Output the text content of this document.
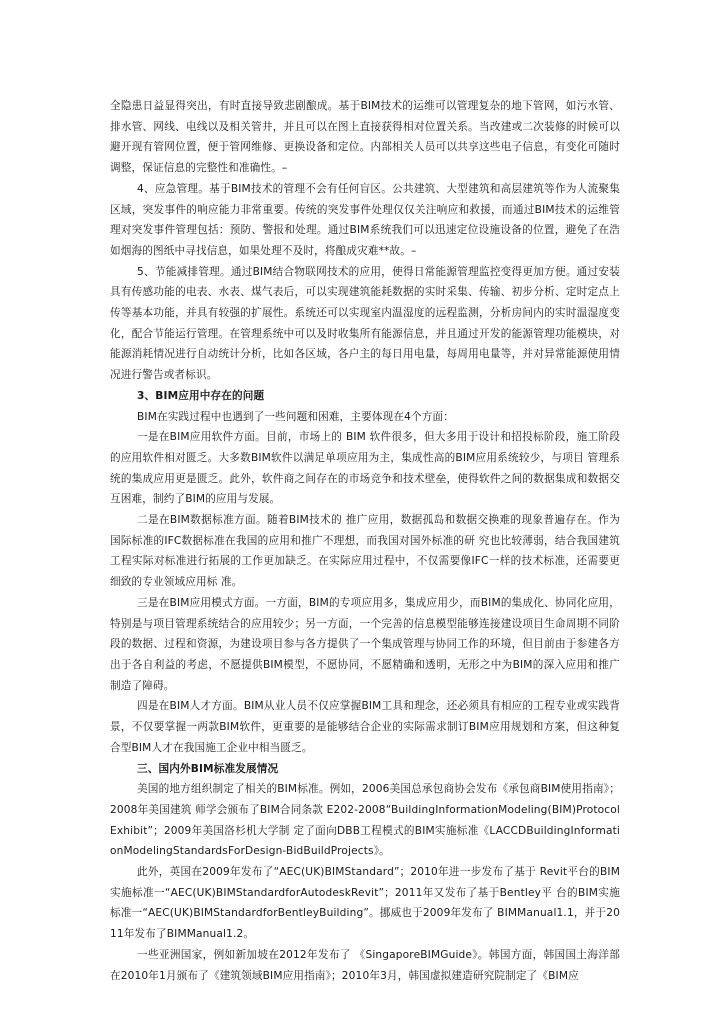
全隐患日益显得突出，有时直接导致悲剧酿成。基于BIM技术的运维可以管理复杂的地下管网，如污水管、排水管、网线、电线以及相关管井，并且可以在图上直接获得相对位置关系。当改建或二次装修的时候可以避开现有管网位置，便于管网维修、更换设备和定位。内部相关人员可以共享这些电子信息，有变化可随时调整，保证信息的完整性和准确性。–

4、应急管理。基于BIM技术的管理不会有任何盲区。公共建筑、大型建筑和高层建筑等作为人流聚集区域，突发事件的响应能力非常重要。传统的突发事件处理仅仅关注响应和救援，而通过BIM技术的运维管理对突发事件管理包括：预防、警报和处理。通过BIM系统我们可以迅速定位设施设备的位置，避免了在浩如烟海的图纸中寻找信息，如果处理不及时，将酿成灾难**故。–

5、节能减排管理。通过BIM结合物联网技术的应用，使得日常能源管理监控变得更加方便。通过安装具有传感功能的电表、水表、煤气表后，可以实现建筑能耗数据的实时采集、传输、初步分析、定时定点上传等基本功能，并具有较强的扩展性。系统还可以实现室内温湿度的远程监测，分析房间内的实时温湿度变化，配合节能运行管理。在管理系统中可以及时收集所有能源信息，并且通过开发的能源管理功能模块，对能源消耗情况进行自动统计分析，比如各区域，各户主的每日用电量，每周用电量等，并对异常能源使用情况进行警告或者标识。

3、BIM应用中存在的问题

BIM在实践过程中也遇到了一些问题和困难，主要体现在4个方面：

一是在BIM应用软件方面。目前，市场上的 BIM 软件很多，但大多用于设计和招投标阶段，施工阶段的应用软件相对匮乏。大多数BIM软件以满足单项应用为主，集成性高的BIM应用系统较少，与项目 管理系统的集成应用更是匮乏。此外，软件商之间存在的市场竞争和技术壁垒，使得软件之间的数据集成和数据交互困难，制约了BIM的应用与发展。

二是在BIM数据标准方面。随着BIM技术的 推广应用，数据孤岛和数据交换难的现象普遍存在。作为国际标准的IFC数据标准在我国的应用和推广不理想，而我国对国外标准的研 究也比较薄弱，结合我国建筑工程实际对标准进行拓展的工作更加缺乏。在实际应用过程中，不仅需要像IFC一样的技术标准，还需要更细致的专业领域应用标 准。

三是在BIM应用模式方面。一方面，BIM的专项应用多，集成应用少，而BIM的集成化、协同化应用，特别是与项目管理系统结合的应用较少；另一方面，一个完善的信息模型能够连接建设项目生命周期不同阶段的数据、过程和资源，为建设项目参与各方提供了一个集成管理与协同工作的环境，但目前由于参建各方出于各自利益的考虑，不愿提供BIM模型，不愿协同，不愿精确和透明，无形之中为BIM的深入应用和推广制造了障碍。

四是在BIM人才方面。BIM从业人员不仅应掌握BIM工具和理念，还必须具有相应的工程专业或实践背景，不仅要掌握一两款BIM软件，更重要的是能够结合企业的实际需求制订BIM应用规划和方案，但这种复合型BIM人才在我国施工企业中相当匮乏。

三、国内外BIM标准发展情况

美国的地方组织制定了相关的BIM标准。例如，2006美国总承包商协会发布《承包商BIM使用指南》；2008年美国建筑 师学会颁布了BIM合同条款 E202-2008“BuildingInformationModeling(BIM)ProtocolExhibit”；2009年美国洛杉机大学制 定了面向DBB工程模式的BIM实施标准《LACCDBuildingInformationModelingStandardsForDesign-BidBuildProjects》。

此外，英国在2009年发布了“AEC(UK)BIMStandard”；2010年进一步发布了基于 Revit平台的BIM实施标准一“AEC(UK)BIMStandardforAutodeskRevit”；2011年又发布了基于Bentley平 台的BIM实施标准一“AEC(UK)BIMStandardforBentleyBuilding”。挪威也于2009年发布了 BIMManual1.1，并于2011年发布了BIMManual1.2。

一些亚洲国家，例如新加坡在2012年发布了 《SingaporeBIMGuide》。韩国方面，韩国国土海洋部在2010年1月颁布了《建筑领域BIM应用指南》；2010年3月，韩国虚拟建造研究院制定了《BIM应
